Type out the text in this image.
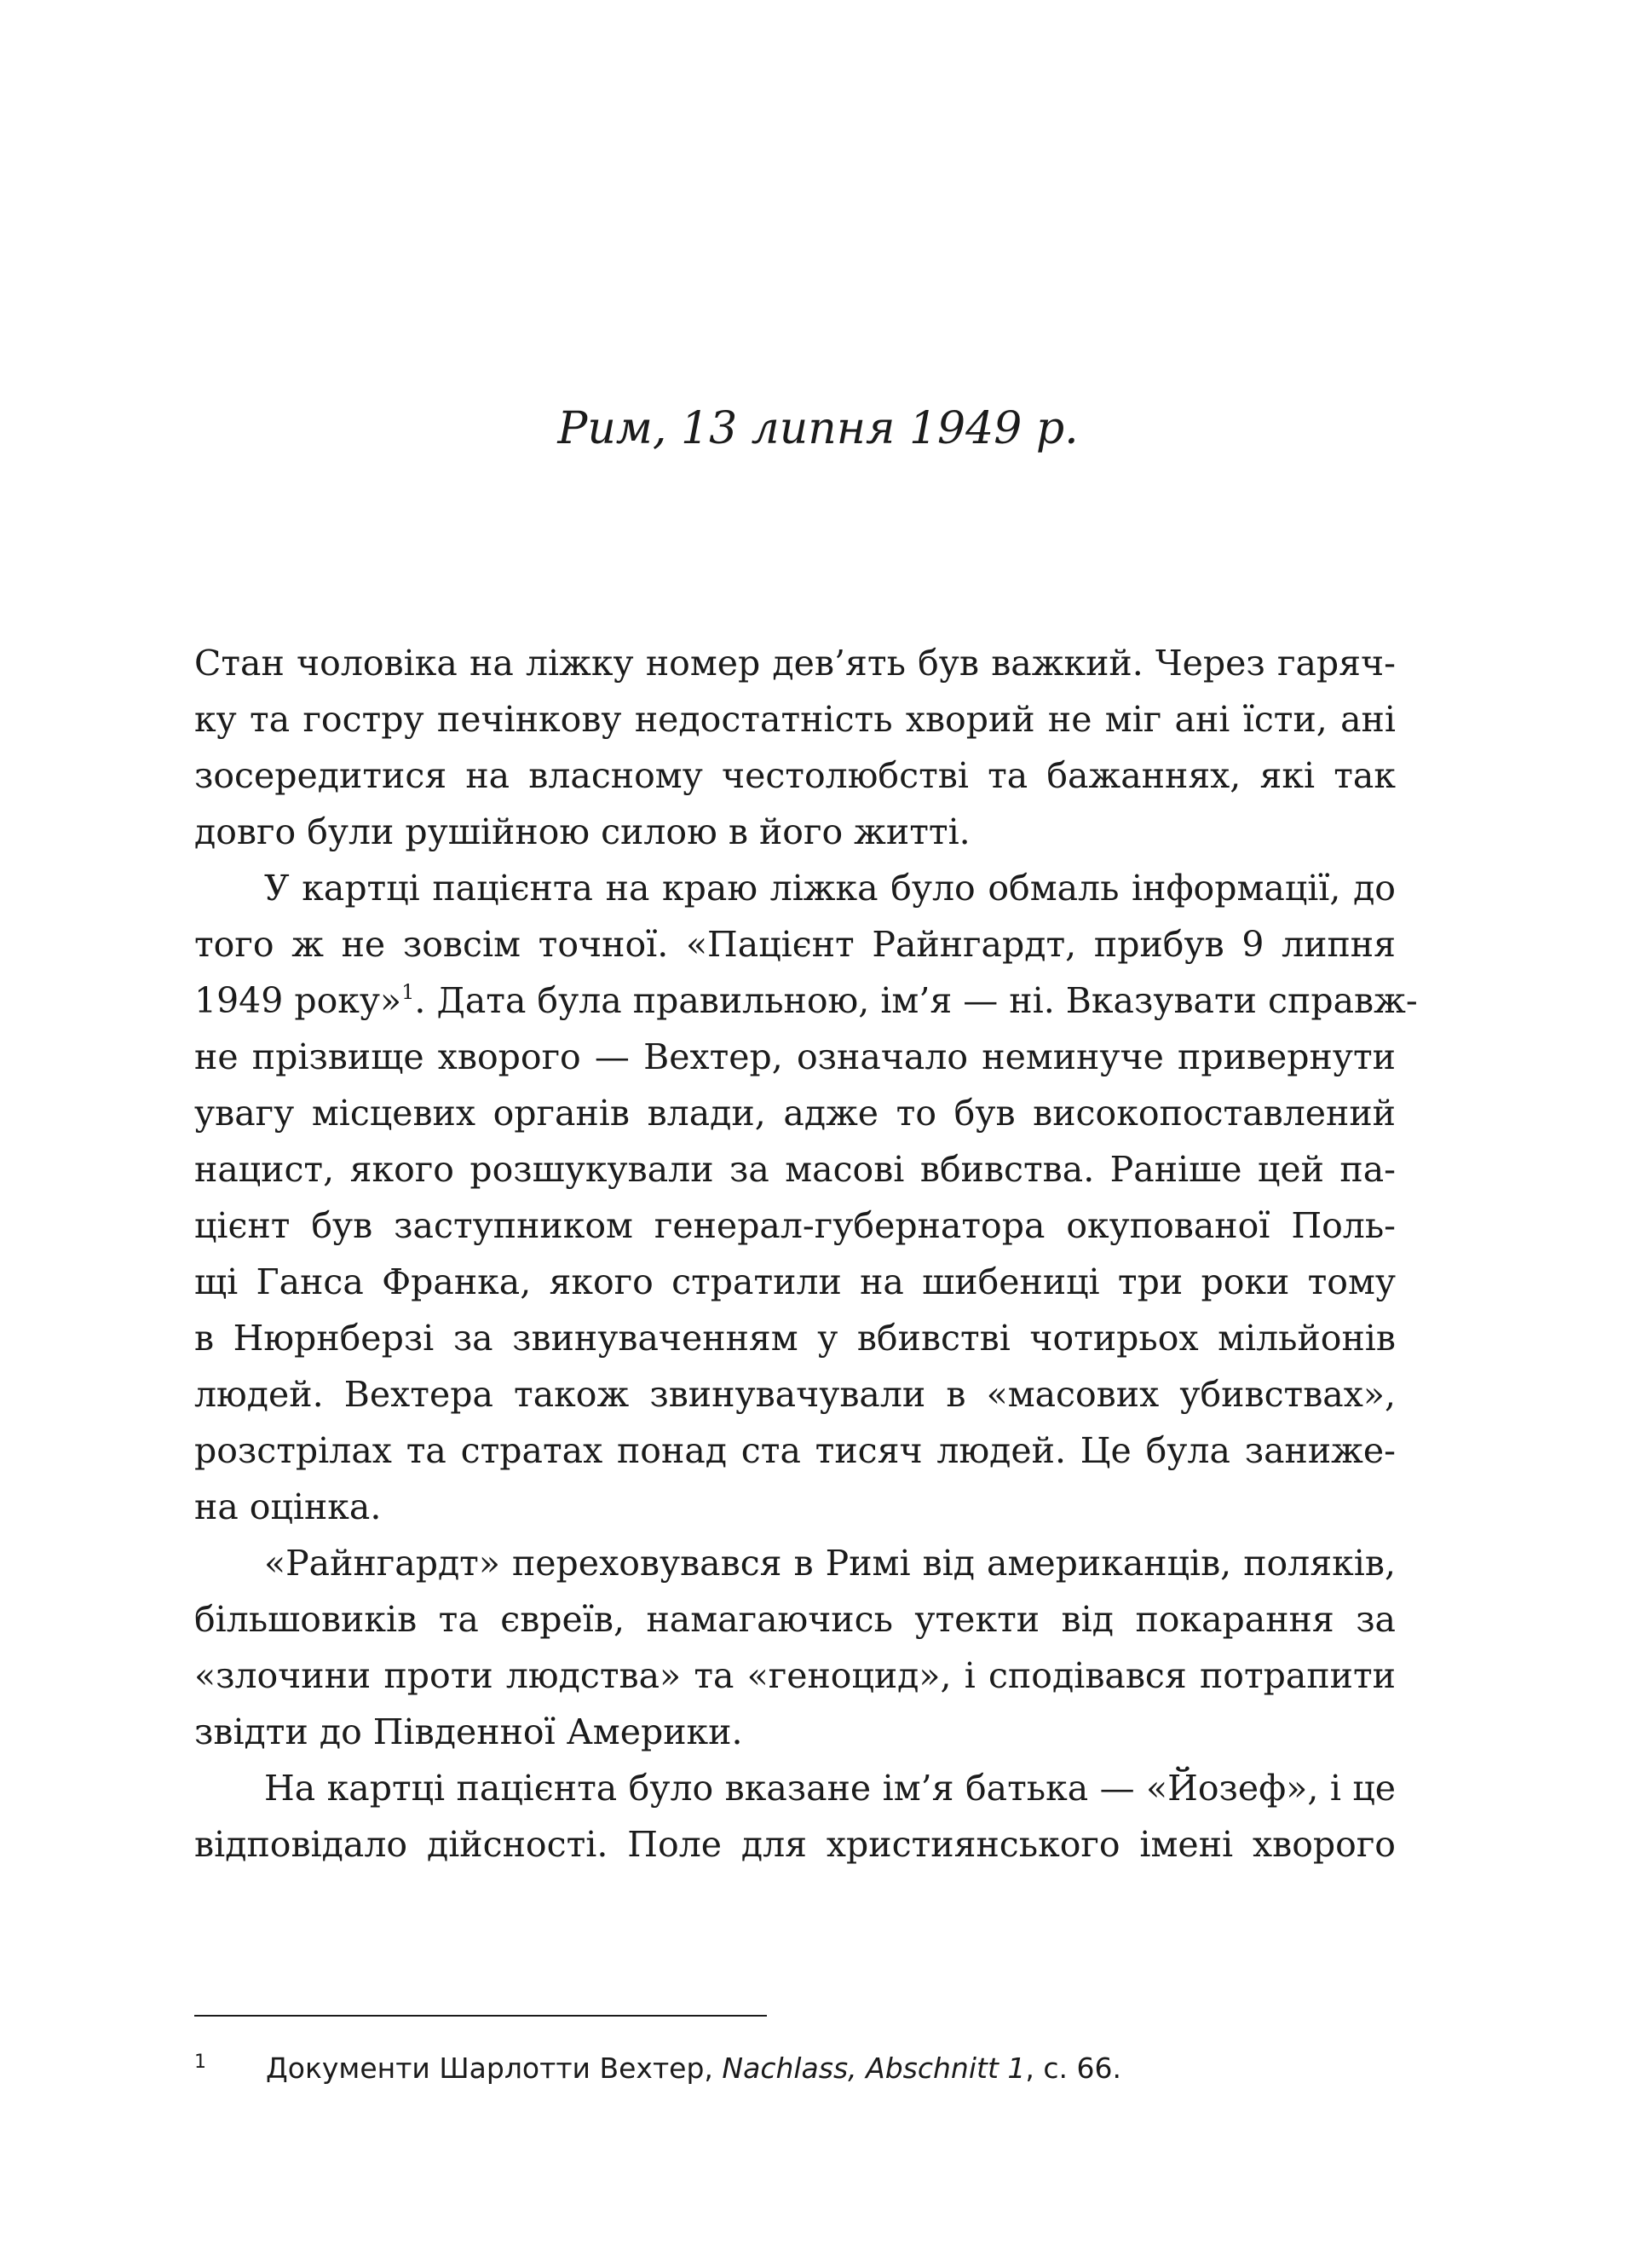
Рим, 13 липня 1949 р.
Стан чоловіка на ліжку номер дев’ять був важкий. Через гаряч-
ку та гостру печінкову недостатність хворий не міг ані їсти, ані
зосередитися на власному честолюбстві та бажаннях, які так
довго були рушійною силою в його житті.
У картці пацієнта на краю ліжка було обмаль інформації, до
того ж не зовсім точної. «Пацієнт Райнгардт, прибув 9 липня
1949 року»$^1$. Дата була правильною, ім’я — ні. Вказувати справж-
не прізвище хворого — Вехтер, означало неминуче привернути
увагу місцевих органів влади, адже то був високопоставлений
нацист, якого розшукували за масові вбивства. Раніше цей па-
цієнт був заступником генерал-губернатора окупованої Поль-
щі Ганса Франка, якого стратили на шибениці три роки тому
в Нюрнберзі за звинуваченням у вбивстві чотирьох мільйонів
людей. Вехтера також звинувачували в «масових убивствах»,
розстрілах та стратах понад ста тисяч людей. Це була занижe-
на оцінка.
«Райнгардт» переховувався в Римі від американців, поляків,
більшовиків та євреїв, намагаючись утекти від покарання за
«злочини проти людства» та «геноцид», і сподівався потрапити
звідти до Південної Америки.
На картці пацієнта було вказане ім’я батька — «Йозеф», і це
відповідало дійсності. Поле для християнського імені хворого
1 Документи Шарлотти Вехтер, Nachlass, Abschnitt 1, с. 66.
